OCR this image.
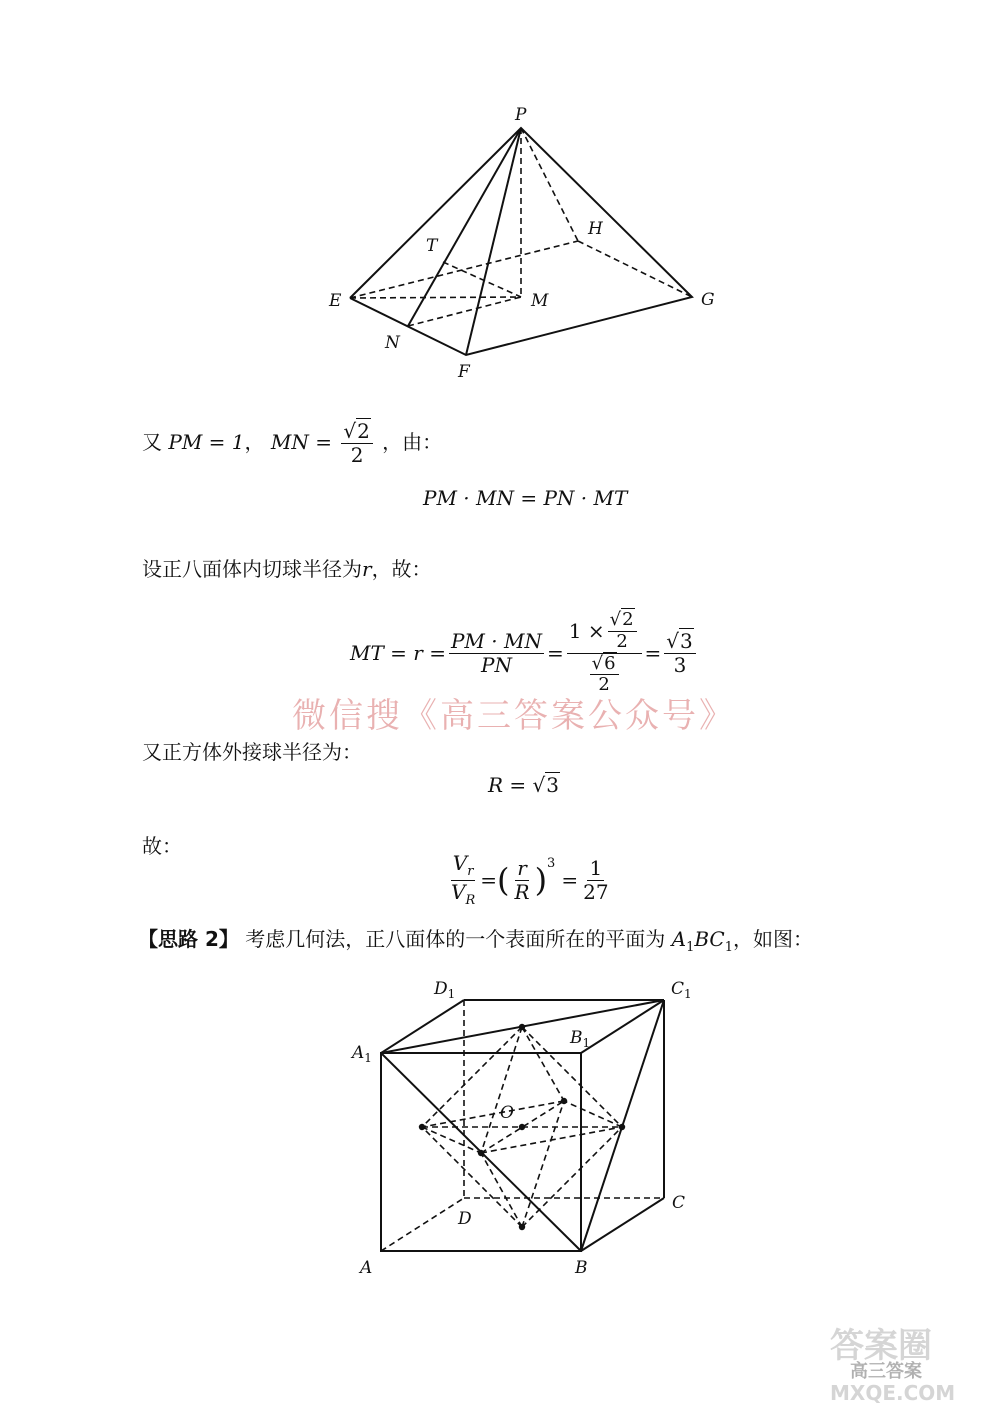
P
H
T
E	M	G
N
F
又 PM = 1， MN = $\frac{√2}{2}$ ，由：
PM · MN = PN · MT
设正八面体内切球半径为r，故：
MT = $r = \frac{PM \cdot MN}{PN} = \frac{1 \times \frac{√2}{2}}{\frac{√6}{2}} = \frac{√3}{3}$
微信搜《高三答案公众号》
又正方体外接球半径为：
R = √3
故：
$\frac{V_r}{V_R}$ = ( $\frac{r}{R} )^3$
= $\frac{1}{27}$
【思路 2】 考虑几何法，正八面体的一个表面所在的平面为 $A_1BC_1$，如图：
$D_1$	$C_1$
$A_1$
$B_1$
O
D
C
A	B
答案圈
高三答案
MXQE.COM
